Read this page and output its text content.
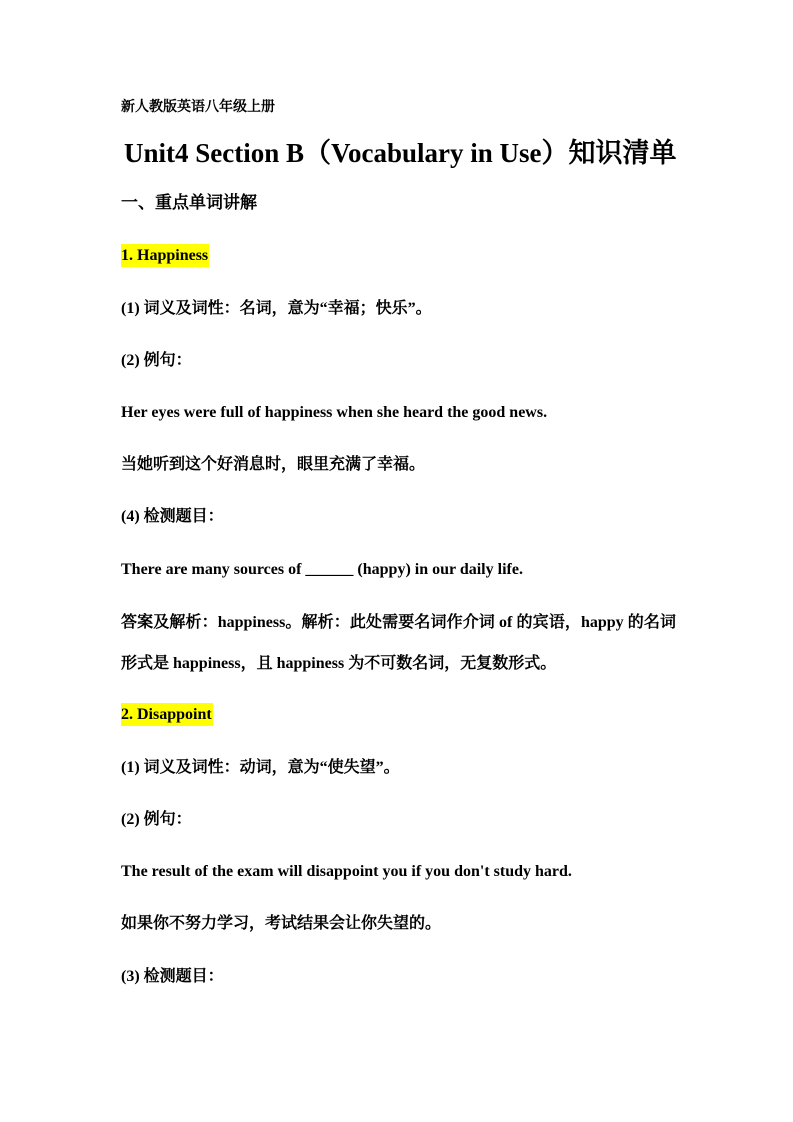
新人教版英语八年级上册
Unit4 Section B（Vocabulary in Use）知识清单
一、重点单词讲解
1. Happiness
(1) 词义及词性：名词，意为“幸福；快乐”。
(2) 例句：
Her eyes were full of happiness when she heard the good news.
当她听到这个好消息时，眼里充满了幸福。
(4) 检测题目：
There are many sources of ______ (happy) in our daily life.
答案及解析：happiness。解析：此处需要名词作介词 of 的宾语，happy 的名词形式是 happiness，且 happiness 为不可数名词，无复数形式。
2. Disappoint
(1) 词义及词性：动词，意为“使失望”。
(2) 例句：
The result of the exam will disappoint you if you don't study hard.
如果你不努力学习，考试结果会让你失望的。
(3) 检测题目：
